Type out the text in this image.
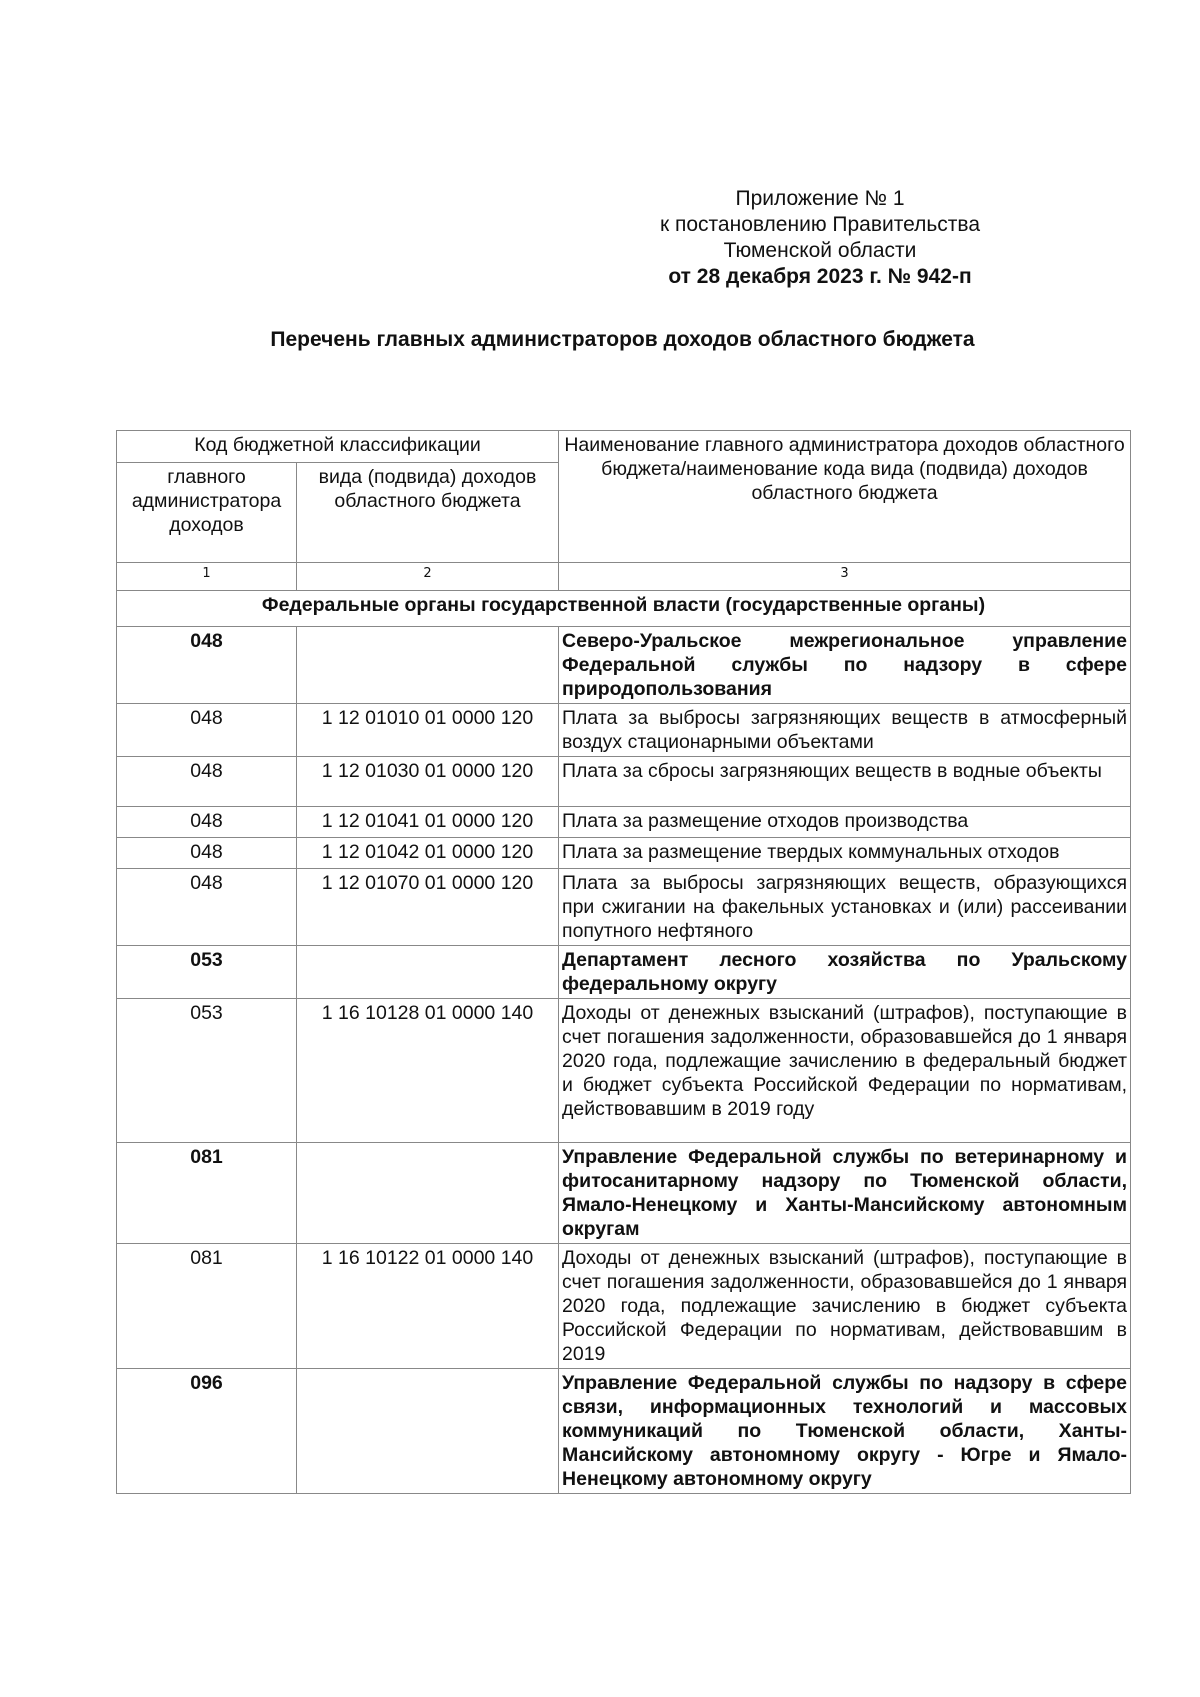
Приложение № 1
к постановлению Правительства
Тюменской области
от 28 декабря 2023 г. № 942-п
Перечень главных администраторов доходов областного бюджета
Код бюджетной классификации		Наименование главного администратора доходов областного бюджета/наименование кода вида (подвида) доходов областного бюджета
главного администратора доходов	вида (подвида) доходов областного бюджета	
1	2	3
Федеральные органы государственной власти (государственные органы)		
048		Северо-Уральское межрегиональное управление Федеральной службы по надзору в сфере природопользования
048	1 12 01010 01 0000 120	Плата за выбросы загрязняющих веществ в атмосферный воздух стационарными объектами
048	1 12 01030 01 0000 120	Плата за сбросы загрязняющих веществ в водные объекты
048	1 12 01041 01 0000 120	Плата за размещение отходов производства
048	1 12 01042 01 0000 120	Плата за размещение твердых коммунальных отходов
048	1 12 01070 01 0000 120	Плата за выбросы загрязняющих веществ, образующихся при сжигании на факельных установках и (или) рассеивании попутного нефтяного
053		Департамент лесного хозяйства по Уральскому федеральному округу
053	1 16 10128 01 0000 140	Доходы от денежных взысканий (штрафов), поступающие в счет погашения задолженности, образовавшейся до 1 января 2020 года, подлежащие зачислению в федеральный бюджет и бюджет субъекта Российской Федерации по нормативам, действовавшим в 2019 году
081		Управление Федеральной службы по ветеринарному и фитосанитарному надзору по Тюменской области, Ямало-Ненецкому и Ханты-Мансийскому автономным округам
081	1 16 10122 01 0000 140	Доходы от денежных взысканий (штрафов), поступающие в счет погашения задолженности, образовавшейся до 1 января 2020 года, подлежащие зачислению в бюджет субъекта Российской Федерации по нормативам, действовавшим в 2019
096		Управление Федеральной службы по надзору в сфере связи, информационных технологий и массовых коммуникаций по Тюменской области, Ханты-Мансийскому автономному округу - Югре и Ямало-Ненецкому автономному округу
